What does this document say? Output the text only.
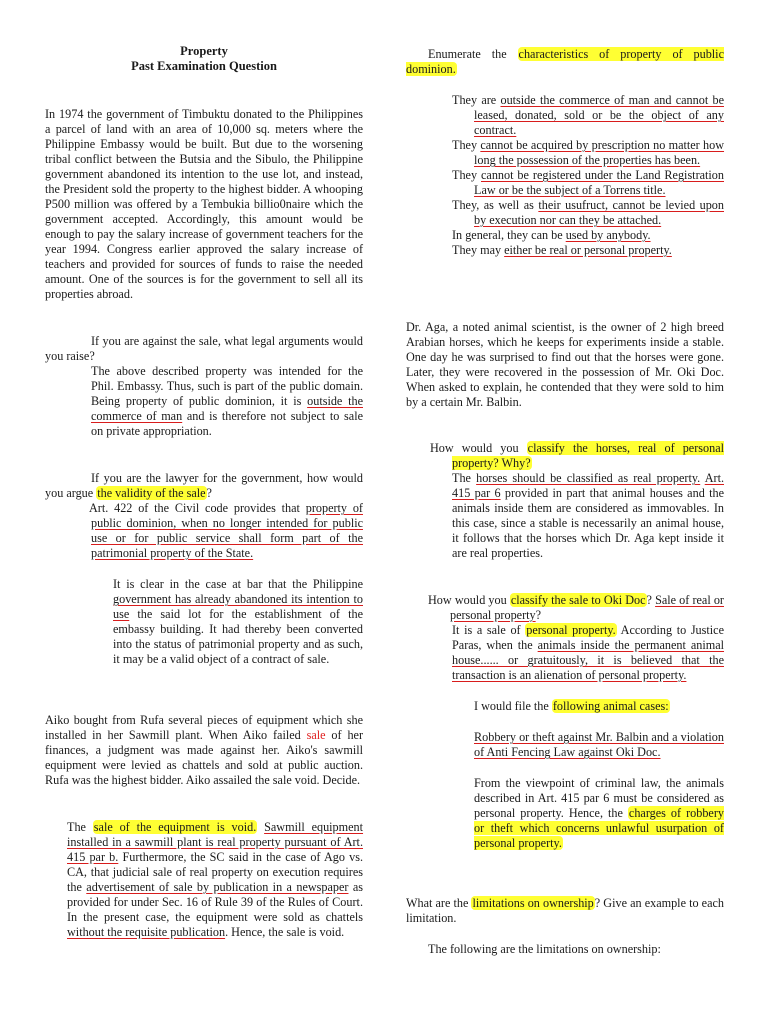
Property

Past Examination Question

In 1974 the government of Timbuktu donated to the Philippines a parcel of land with an area of 10,000 sq. meters where the Philippine Embassy would be built. But due to the worsening tribal conflict between the Butsia and the Sibulo, the Philippine government abandoned its intention to the use lot, and instead, the President sold the property to the highest bidder. A whooping P500 million was offered by a Tembukia billio0naire which the government accepted. Accordingly, this amount would be enough to pay the salary increase of government teachers for the year 1994. Congress earlier approved the salary increase of teachers and provided for sources of funds to raise the needed amount. One of the sources is for the government to sell all its properties abroad.

If you are against the sale, what legal arguments would you raise?

The above described property was intended for the Phil. Embassy. Thus, such is part of the public domain. Being property of public dominion, it is outside the commerce of man and is therefore not subject to sale on private appropriation.

If you are the lawyer for the government, how would you argue the validity of the sale?

Art. 422 of the Civil code provides that property of public dominion, when no longer intended for public use or for public service shall form part of the patrimonial property of the State.

It is clear in the case at bar that the Philippine government has already abandoned its intention to use the said lot for the establishment of the embassy building. It had thereby been converted into the status of patrimonial property and as such, it may be a valid object of a contract of sale.

Aiko bought from Rufa several pieces of equipment which she installed in her Sawmill plant. When Aiko failed sale of her finances, a judgment was made against her. Aiko's sawmill equipment were levied as chattels and sold at public auction. Rufa was the highest bidder. Aiko assailed the sale void. Decide.

The sale of the equipment is void. Sawmill equipment installed in a sawmill plant is real property pursuant of Art. 415 par b. Furthermore, the SC said in the case of Ago vs. CA, that judicial sale of real property on execution requires the advertisement of sale by publication in a newspaper as provided for under Sec. 16 of Rule 39 of the Rules of Court. In the present case, the equipment were sold as chattels without the requisite publication. Hence, the sale is void.

Enumerate the characteristics of property of public dominion.

They are outside the commerce of man and cannot be leased, donated, sold or be the object of any contract.

They cannot be acquired by prescription no matter how long the possession of the properties has been.

They cannot be registered under the Land Registration Law or be the subject of a Torrens title.

They, as well as their usufruct, cannot be levied upon by execution nor can they be attached.

In general, they can be used by anybody.

They may either be real or personal property.

Dr. Aga, a noted animal scientist, is the owner of 2 high breed Arabian horses, which he keeps for experiments inside a stable. One day he was surprised to find out that the horses were gone. Later, they were recovered in the possession of Mr. Oki Doc. When asked to explain, he contended that they were sold to him by a certain Mr. Balbin.

How would you classify the horses, real of personal property? Why?

The horses should be classified as real property. Art. 415 par 6 provided in part that animal houses and the animals inside them are considered as immovables. In this case, since a stable is necessarily an animal house, it follows that the horses which Dr. Aga kept inside it are real properties.

How would you classify the sale to Oki Doc? Sale of real or personal property?

It is a sale of personal property. According to Justice Paras, when the animals inside the permanent animal house...... or gratuitously, it is believed that the transaction is an alienation of personal property.

I would file the following animal cases:

Robbery or theft against Mr. Balbin and a violation of Anti Fencing Law against Oki Doc.

From the viewpoint of criminal law, the animals described in Art. 415 par 6 must be considered as personal property. Hence, the charges of robbery or theft which concerns unlawful usurpation of personal property.

What are the limitations on ownership? Give an example to each limitation.

The following are the limitations on ownership:
